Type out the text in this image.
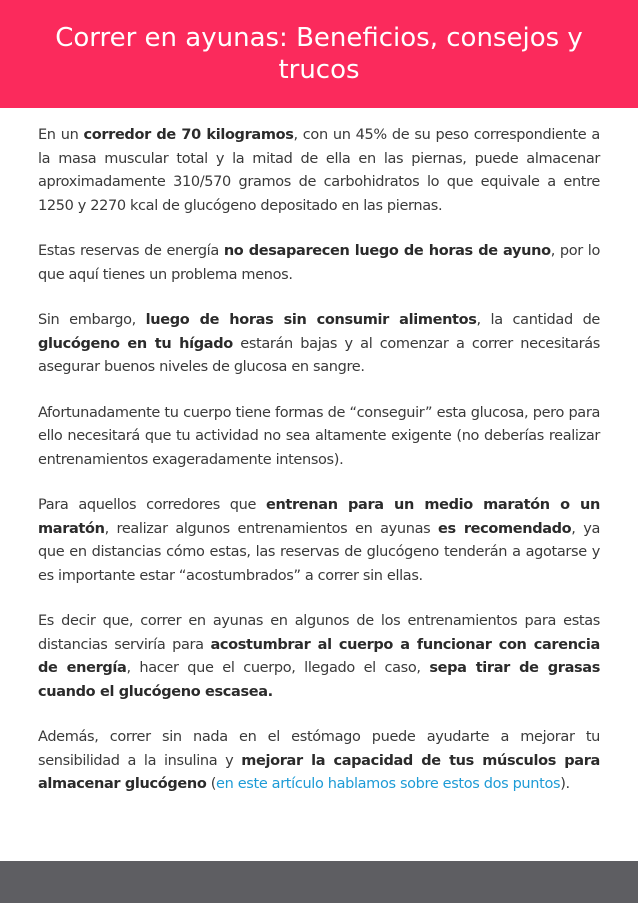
Correr en ayunas: Beneficios, consejos y trucos

En un corredor de 70 kilogramos, con un 45% de su peso correspondiente a la masa muscular total y la mitad de ella en las piernas, puede almacenar aproximadamente 310/570 gramos de carbohidratos lo que equivale a entre 1250 y 2270 kcal de glucógeno depositado en las piernas.

Estas reservas de energía no desaparecen luego de horas de ayuno, por lo que aquí tienes un problema menos.

Sin embargo, luego de horas sin consumir alimentos, la cantidad de glucógeno en tu hígado estarán bajas y al comenzar a correr necesitarás asegurar buenos niveles de glucosa en sangre.

Afortunadamente tu cuerpo tiene formas de “conseguir” esta glucosa, pero para ello necesitará que tu actividad no sea altamente exigente (no deberías realizar entrenamientos exageradamente intensos).

Para aquellos corredores que entrenan para un medio maratón o un maratón, realizar algunos entrenamientos en ayunas es recomendado, ya que en distancias cómo estas, las reservas de glucógeno tenderán a agotarse y es importante estar “acostumbrados” a correr sin ellas.

Es decir que, correr en ayunas en algunos de los entrenamientos para estas distancias serviría para acostumbrar al cuerpo a funcionar con carencia de energía, hacer que el cuerpo, llegado el caso, sepa tirar de grasas cuando el glucógeno escasea.

Además, correr sin nada en el estómago puede ayudarte a mejorar tu sensibilidad a la insulina y mejorar la capacidad de tus músculos para almacenar glucógeno (en este artículo hablamos sobre estos dos puntos).
